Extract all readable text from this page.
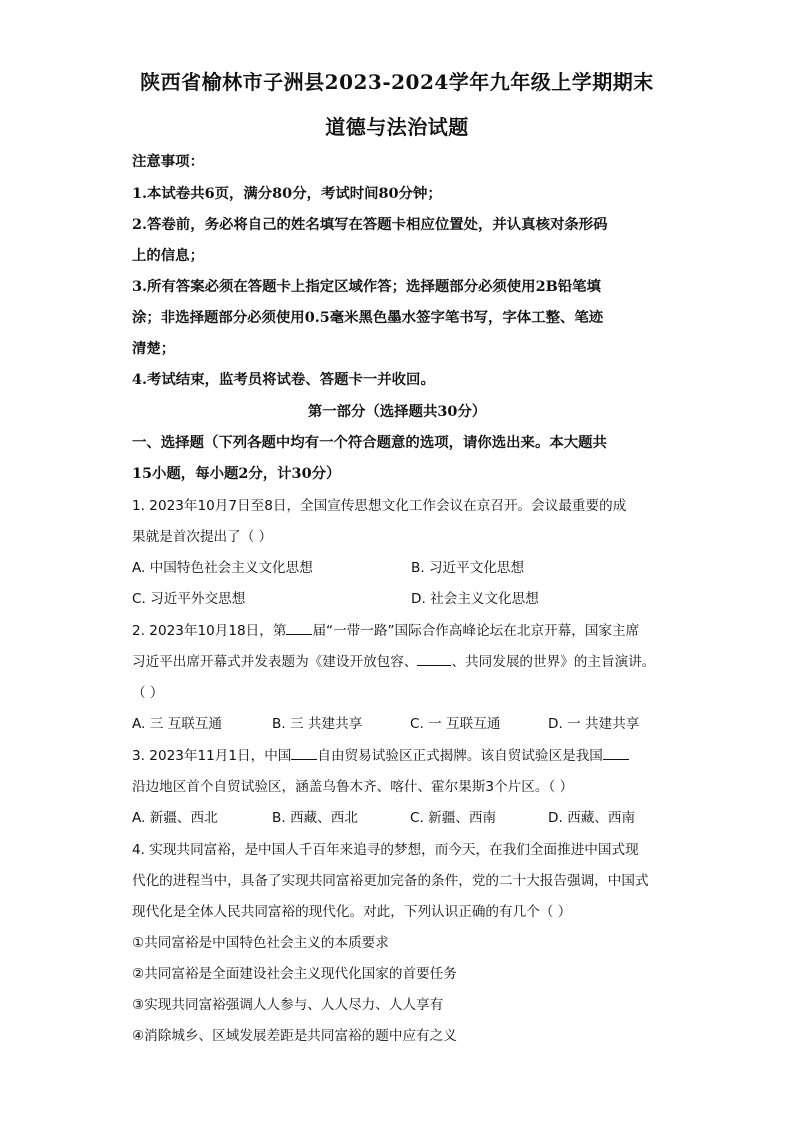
陕西省榆林市子洲县2023-2024学年九年级上学期期末
道德与法治试题
注意事项：
1.本试卷共6页，满分80分，考试时间80分钟；
2.答卷前，务必将自己的姓名填写在答题卡相应位置处，并认真核对条形码
上的信息；
3.所有答案必须在答题卡上指定区域作答；选择题部分必须使用2B铅笔填
涂；非选择题部分必须使用0.5毫米黑色墨水签字笔书写，字体工整、笔迹
清楚；
4.考试结束，监考员将试卷、答题卡一并收回。
第一部分（选择题共30分）
一、选择题（下列各题中均有一个符合题意的选项，请你选出来。本大题共
15小题，每小题2分，计30分）
1. 2023年10月7日至8日，全国宣传思想文化工作会议在京召开。会议最重要的成
果就是首次提出了（ ）
A. 中国特色社会主义文化思想	B. 习近平文化思想
C. 习近平外交思想	D. 社会主义文化思想
2. 2023年10月18日，第 届“一带一路”国际合作高峰论坛在北京开幕，国家主席
习近平出席开幕式并发表题为《建设开放包容、	、共同发展的世界》的主旨演讲。
（ ）
A. 三 互联互通	B. 三 共建共享	C. 一 互联互通	D. 一 共建共享
3. 2023年11月1日，中国 自由贸易试验区正式揭牌。该自贸试验区是我国
沿边地区首个自贸试验区，涵盖乌鲁木齐、喀什、霍尔果斯3个片区。（ ）
A. 新疆、西北	B. 西藏、西北	C. 新疆、西南	D. 西藏、西南
4. 实现共同富裕，是中国人千百年来追寻的梦想，而今天，在我们全面推进中国式现
代化的进程当中，具备了实现共同富裕更加完备的条件，党的二十大报告强调，中国式
现代化是全体人民共同富裕的现代化。对此，下列认识正确的有几个（ ）
①共同富裕是中国特色社会主义的本质要求
②共同富裕是全面建设社会主义现代化国家的首要任务
③实现共同富裕强调人人参与、人人尽力、人人享有
④消除城乡、区域发展差距是共同富裕的题中应有之义
